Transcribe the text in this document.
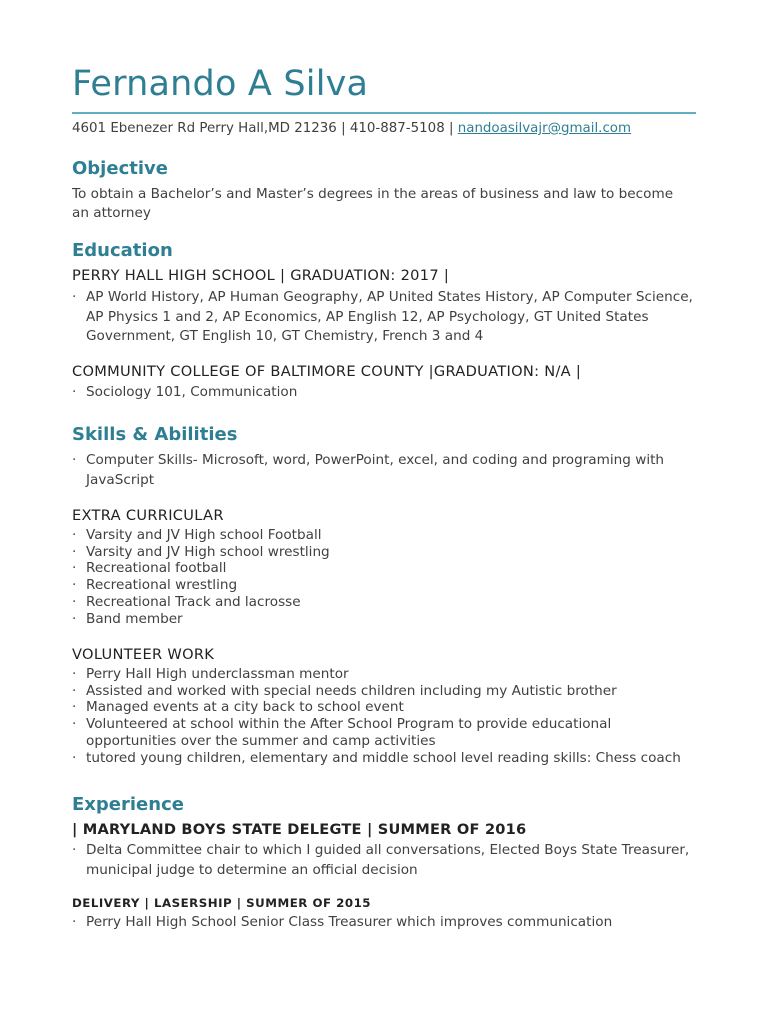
Fernando A Silva
4601 Ebenezer Rd Perry Hall,MD 21236 | 410-887-5108 | nandoasilvajr@gmail.com
Objective

To obtain a Bachelor’s and Master’s degrees in the areas of business and law to become an attorney

Education
PERRY HALL HIGH SCHOOL | GRADUATION: 2017 |
· AP World History, AP Human Geography, AP United States History, AP Computer Science, AP Physics 1 and 2, AP Economics, AP English 12, AP Psychology, GT United States Government, GT English 10, GT Chemistry, French 3 and 4
COMMUNITY COLLEGE OF BALTIMORE COUNTY |GRADUATION: N/A |
· Sociology 101, Communication
Skills & Abilities
· Computer Skills- Microsoft, word, PowerPoint, excel, and coding and programing with JavaScript
EXTRA CURRICULAR
· Varsity and JV High school Football
· Varsity and JV High school wrestling
· Recreational football
· Recreational wrestling
· Recreational Track and lacrosse
· Band member
VOLUNTEER WORK
· Perry Hall High underclassman mentor
· Assisted and worked with special needs children including my Autistic brother
· Managed events at a city back to school event
· Volunteered at school within the After School Program to provide educational opportunities over the summer and camp activities
· tutored young children, elementary and middle school level reading skills: Chess coach
Experience
| MARYLAND BOYS STATE DELEGTE | SUMMER OF 2016
· Delta Committee chair to which I guided all conversations, Elected Boys State Treasurer, municipal judge to determine an official decision
DELIVERY | LASERSHIP | SUMMER OF 2015
· Perry Hall High School Senior Class Treasurer which improves communication
